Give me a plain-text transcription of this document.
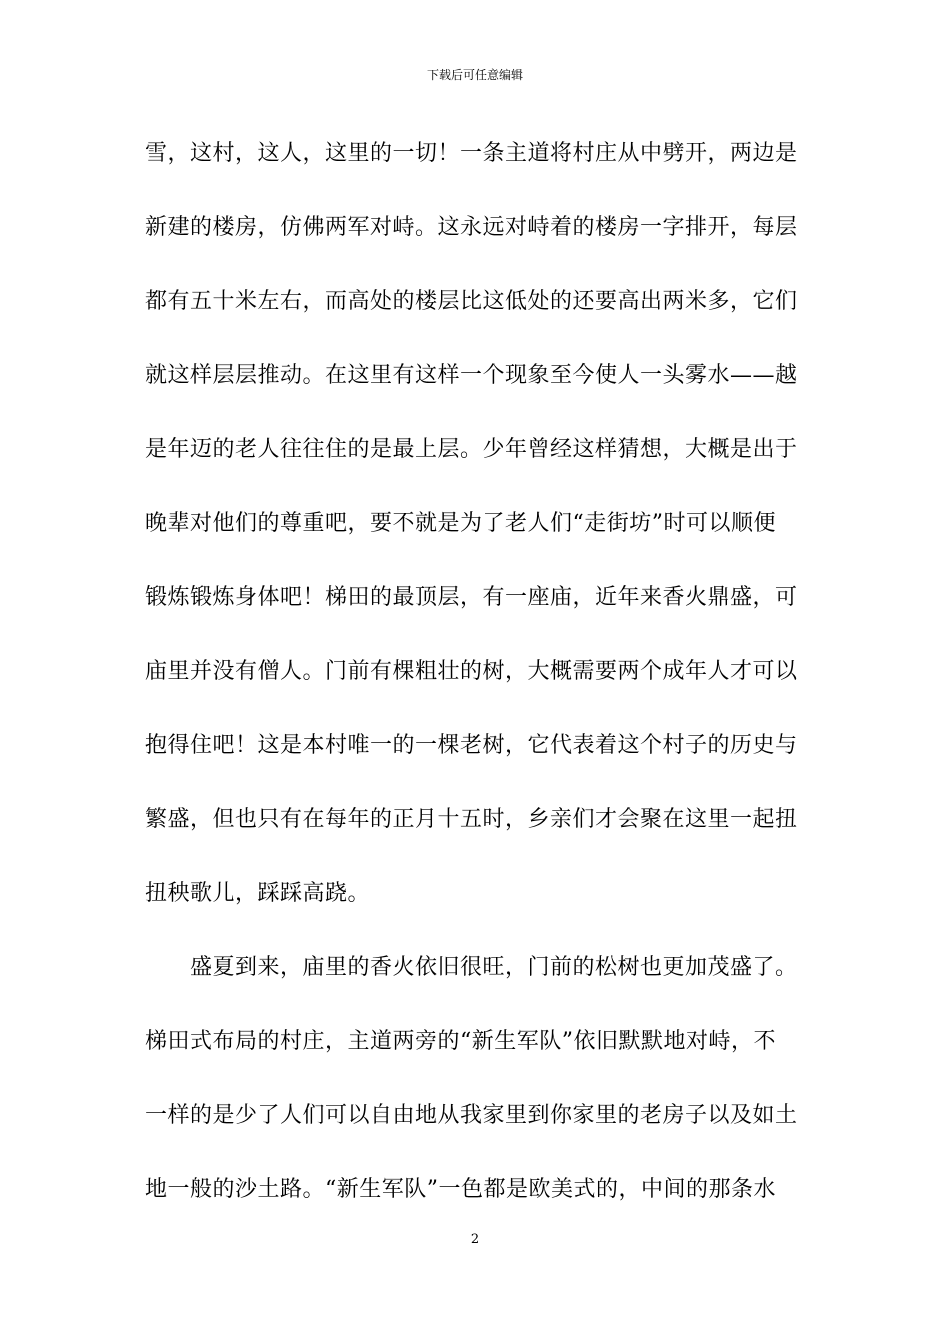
下载后可任意编辑
雪，这村，这人，这里的一切！一条主道将村庄从中劈开，两边是
新建的楼房，仿佛两军对峙。这永远对峙着的楼房一字排开，每层
都有五十米左右，而高处的楼层比这低处的还要高出两米多，它们
就这样层层推动。在这里有这样一个现象至今使人一头雾水——越
是年迈的老人往往住的是最上层。少年曾经这样猜想，大概是出于
晚辈对他们的尊重吧，要不就是为了老人们“走街坊”时可以顺便
锻炼锻炼身体吧！梯田的最顶层，有一座庙，近年来香火鼎盛，可
庙里并没有僧人。门前有棵粗壮的树，大概需要两个成年人才可以
抱得住吧！这是本村唯一的一棵老树，它代表着这个村子的历史与
繁盛，但也只有在每年的正月十五时，乡亲们才会聚在这里一起扭
扭秧歌儿，踩踩高跷。
　　盛夏到来，庙里的香火依旧很旺，门前的松树也更加茂盛了。
梯田式布局的村庄，主道两旁的“新生军队”依旧默默地对峙，不
一样的是少了人们可以自由地从我家里到你家里的老房子以及如土
地一般的沙土路。“新生军队”一色都是欧美式的，中间的那条水
2
